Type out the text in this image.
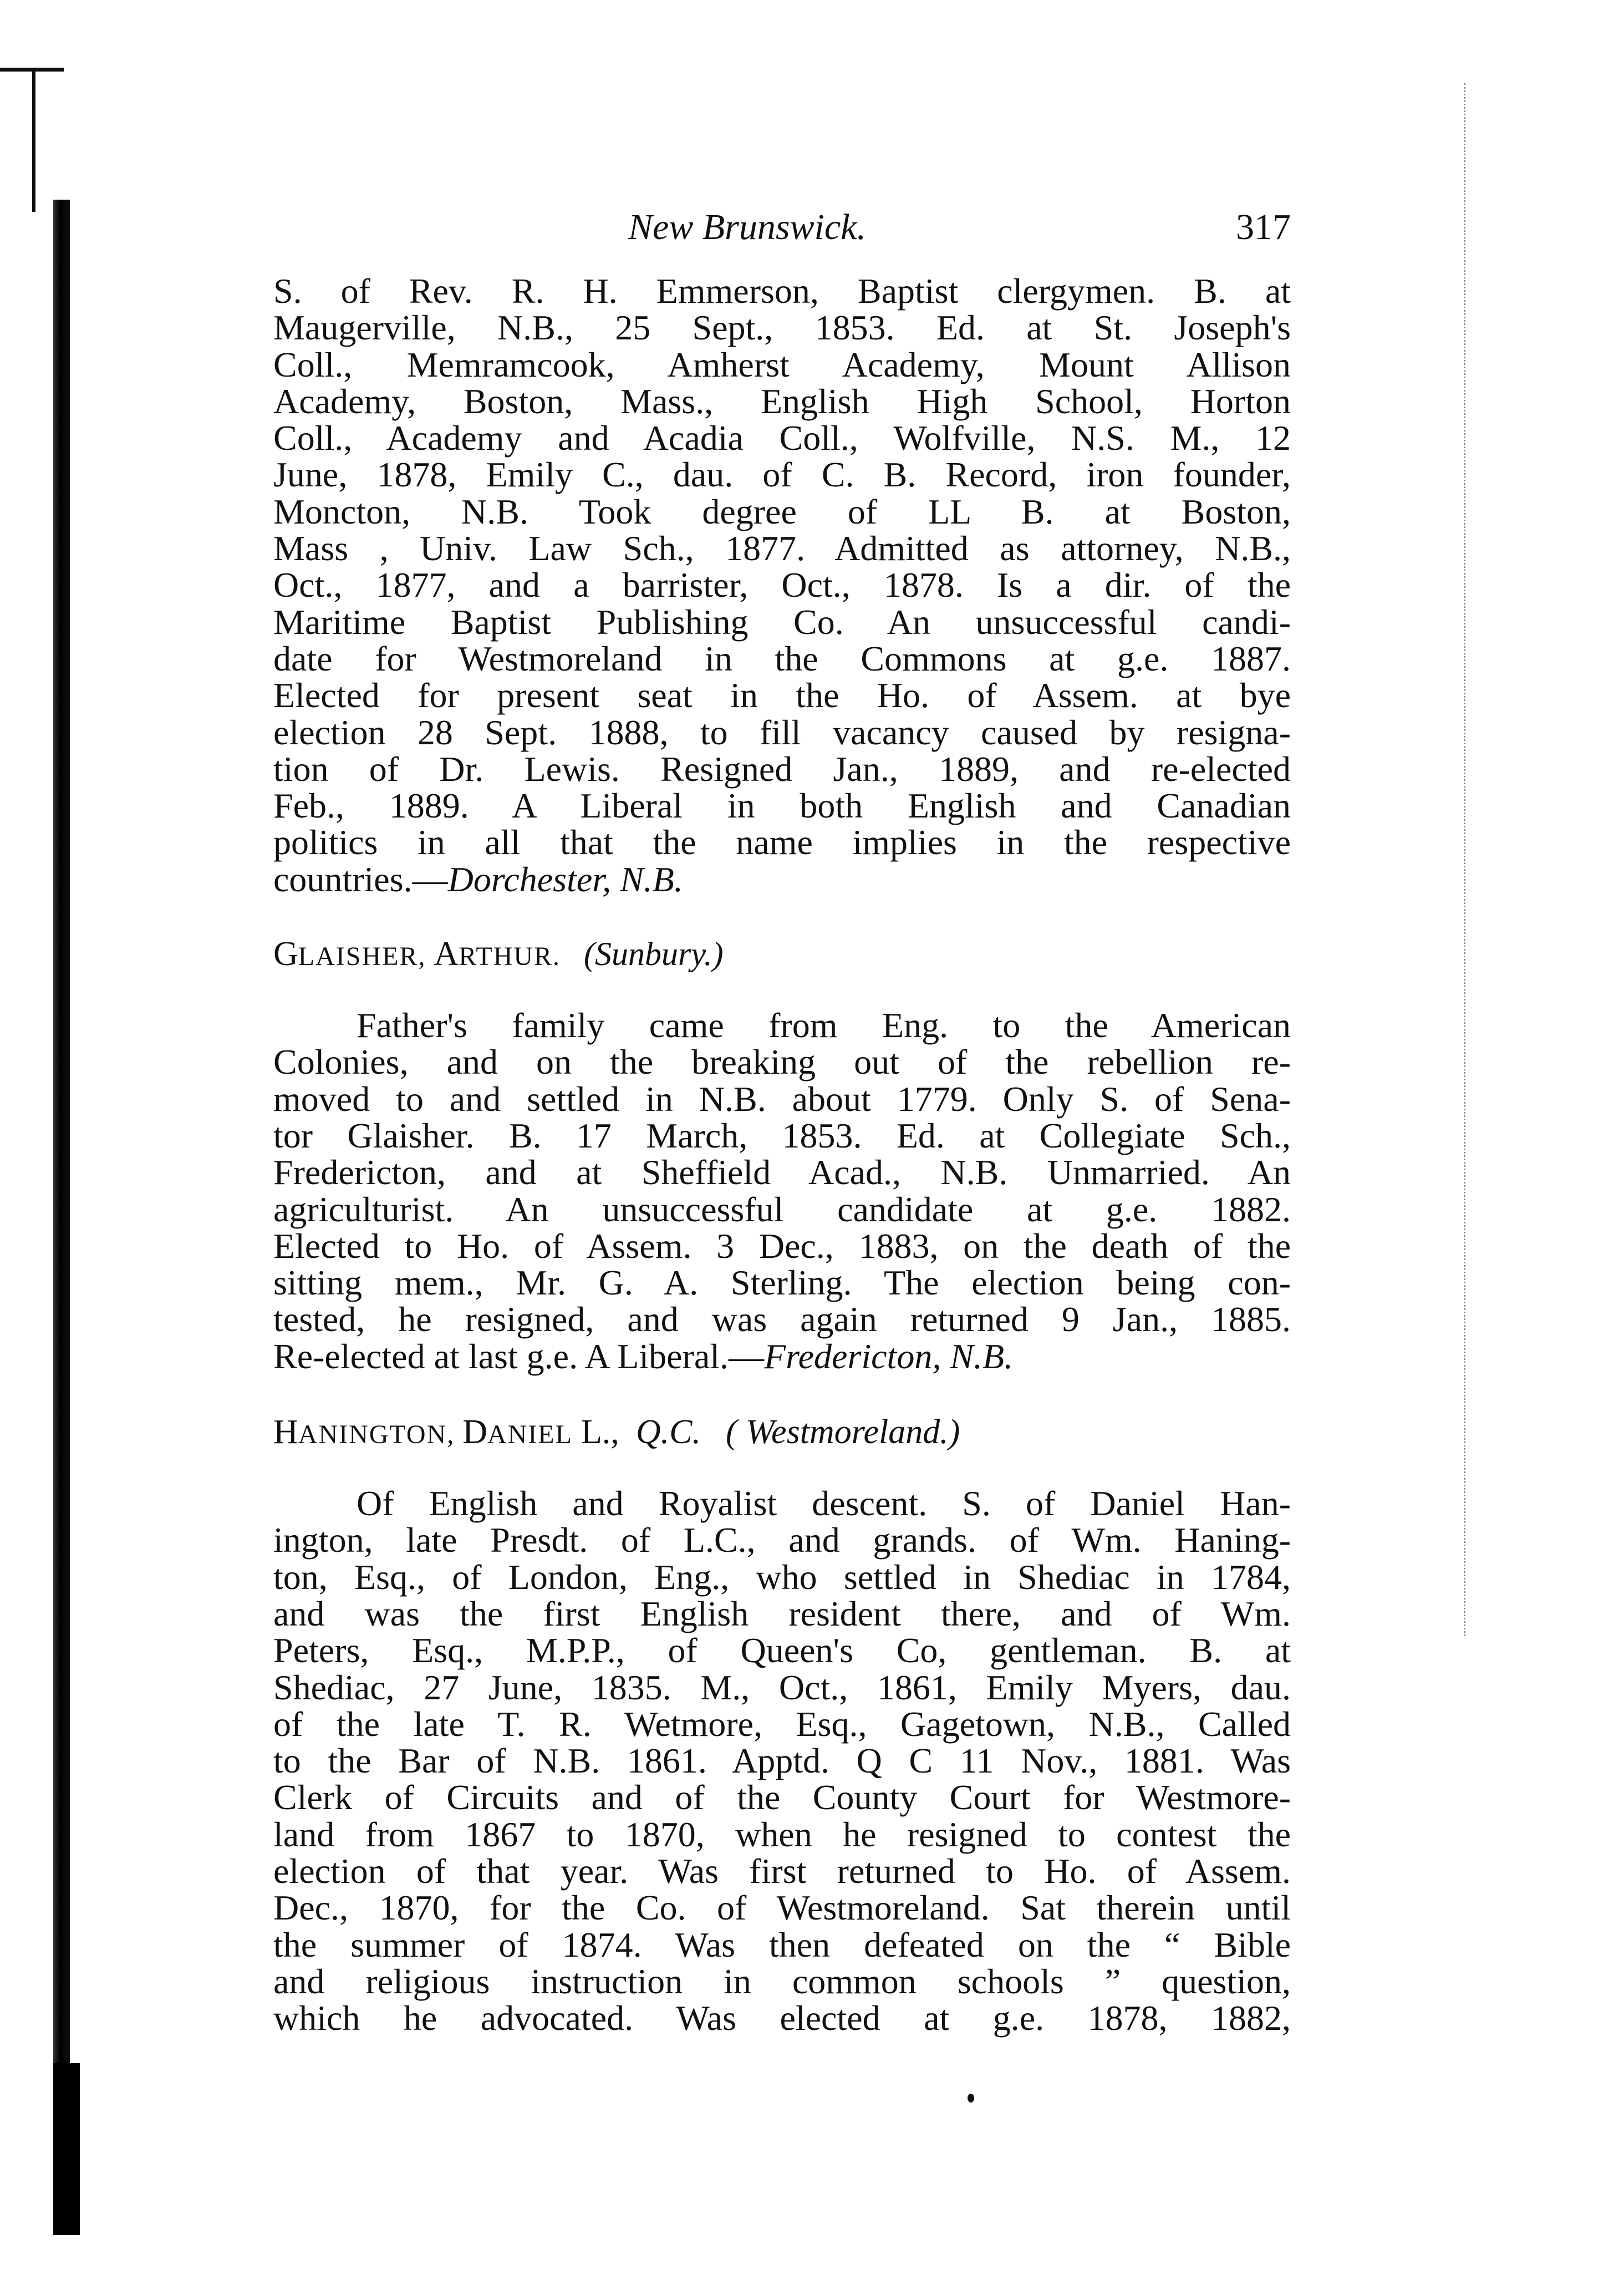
New Brunswick.	317

S. of Rev. R. H. Emmerson, Baptist clergymen. B. at
Maugerville, N.B., 25 Sept., 1853. Ed. at St. Joseph's
Coll., Memramcook, Amherst Academy, Mount Allison
Academy, Boston, Mass., English High School, Horton
Coll., Academy and Acadia Coll., Wolfville, N.S. M., 12
June, 1878, Emily C., dau. of C. B. Record, iron founder,
Moncton, N.B. Took degree of LL B. at Boston,
Mass , Univ. Law Sch., 1877. Admitted as attorney, N.B.,
Oct., 1877, and a barrister, Oct., 1878. Is a dir. of the
Maritime Baptist Publishing Co. An unsuccessful candi-
date for Westmoreland in the Commons at g.e. 1887.
Elected for present seat in the Ho. of Assem. at bye
election 28 Sept. 1888, to fill vacancy caused by resigna-
tion of Dr. Lewis. Resigned Jan., 1889, and re-elected
Feb., 1889. A Liberal in both English and Canadian
politics in all that the name implies in the respective
countries.—Dorchester, N.B.

GLAISHER, ARTHUR.   (Sunbury.)

Father's family came from Eng. to the American
Colonies, and on the breaking out of the rebellion re-
moved to and settled in N.B. about 1779. Only S. of Sena-
tor Glaisher. B. 17 March, 1853. Ed. at Collegiate Sch.,
Fredericton, and at Sheffield Acad., N.B. Unmarried. An
agriculturist. An unsuccessful candidate at g.e. 1882.
Elected to Ho. of Assem. 3 Dec., 1883, on the death of the
sitting mem., Mr. G. A. Sterling. The election being con-
tested, he resigned, and was again returned 9 Jan., 1885.
Re-elected at last g.e. A Liberal.—Fredericton, N.B.

HANINGTON, DANIEL L., Q.C. ( Westmoreland.)

Of English and Royalist descent. S. of Daniel Han-
ington, late Presdt. of L.C., and grands. of Wm. Haning-
ton, Esq., of London, Eng., who settled in Shediac in 1784,
and was the first English resident there, and of Wm.
Peters, Esq., M.P.P., of Queen's Co, gentleman. B. at
Shediac, 27 June, 1835. M., Oct., 1861, Emily Myers, dau.
of the late T. R. Wetmore, Esq., Gagetown, N.B., Called
to the Bar of N.B. 1861. Apptd. Q C 11 Nov., 1881. Was
Clerk of Circuits and of the County Court for Westmore-
land from 1867 to 1870, when he resigned to contest the
election of that year. Was first returned to Ho. of Assem.
Dec., 1870, for the Co. of Westmoreland. Sat therein until
the summer of 1874. Was then defeated on the “ Bible
and religious instruction in common schools ” question,
which he advocated. Was elected at g.e. 1878, 1882,
